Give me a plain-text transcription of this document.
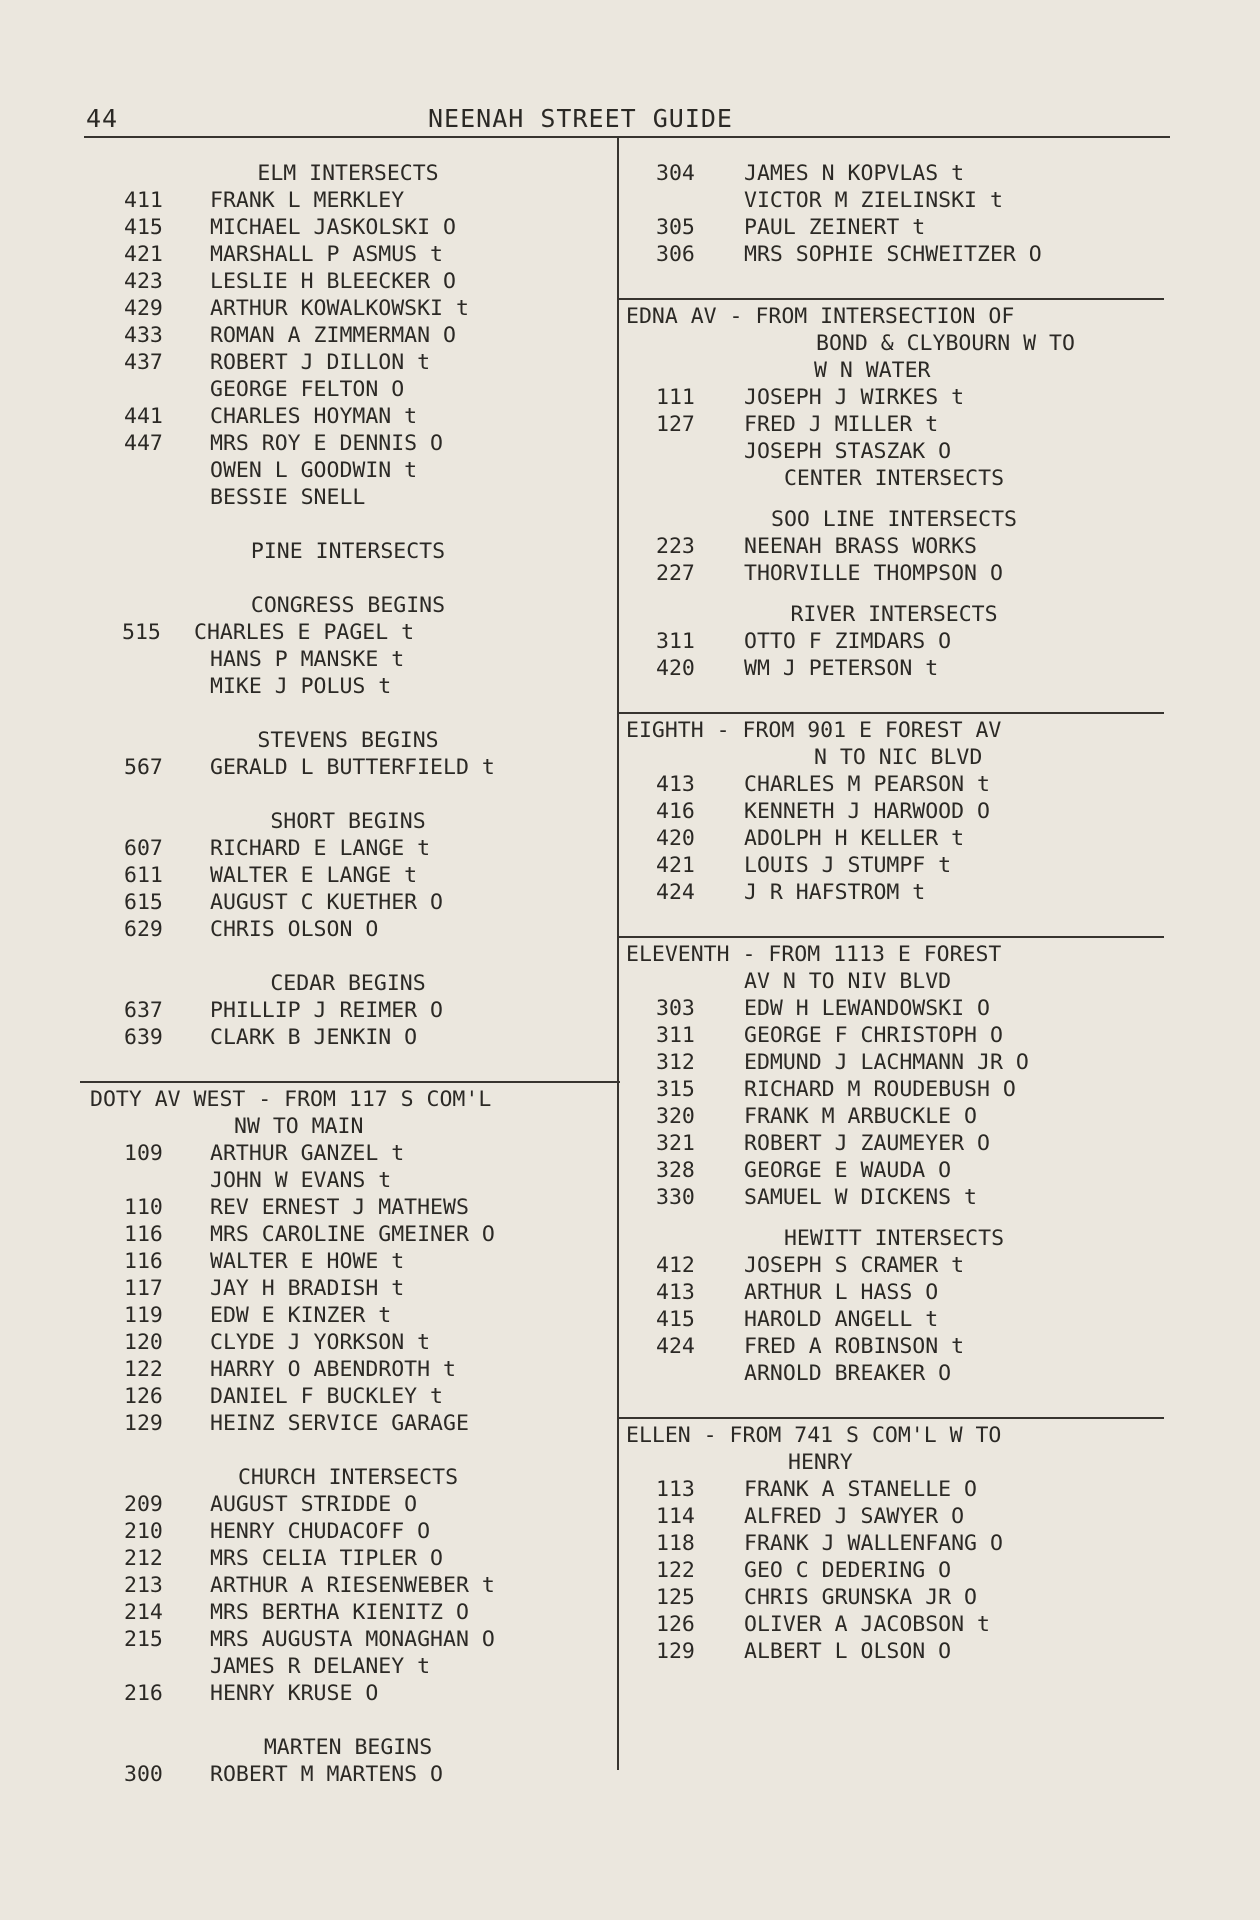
44	NEENAH STREET GUIDE
ELM INTERSECTS
411 FRANK L MERKLEY
415 MICHAEL JASKOLSKI O
421 MARSHALL P ASMUS t
423 LESLIE H BLEECKER O
429 ARTHUR KOWALKOWSKI t
433 ROMAN A ZIMMERMAN O
437 ROBERT J DILLON t
GEORGE FELTON O
441 CHARLES HOYMAN t
447 MRS ROY E DENNIS O
OWEN L GOODWIN t
BESSIE SNELL
PINE INTERSECTS
CONGRESS BEGINS
515 CHARLES E PAGEL t
HANS P MANSKE t
MIKE J POLUS t
STEVENS BEGINS
567 GERALD L BUTTERFIELD t
SHORT BEGINS
607 RICHARD E LANGE t
611 WALTER E LANGE t
615 AUGUST C KUETHER O
629 CHRIS OLSON O
CEDAR BEGINS
637 PHILLIP J REIMER O
639 CLARK B JENKIN O
DOTY AV WEST - FROM 117 S COM'L
NW TO MAIN
109 ARTHUR GANZEL t
JOHN W EVANS t
110 REV ERNEST J MATHEWS
116 MRS CAROLINE GMEINER O
116 WALTER E HOWE t
117 JAY H BRADISH t
119 EDW E KINZER t
120 CLYDE J YORKSON t
122 HARRY O ABENDROTH t
126 DANIEL F BUCKLEY t
129 HEINZ SERVICE GARAGE
CHURCH INTERSECTS
209 AUGUST STRIDDE O
210 HENRY CHUDACOFF O
212 MRS CELIA TIPLER O
213 ARTHUR A RIESENWEBER t
214 MRS BERTHA KIENITZ O
215 MRS AUGUSTA MONAGHAN O
JAMES R DELANEY t
216 HENRY KRUSE O
MARTEN BEGINS
300 ROBERT M MARTENS O
304 JAMES N KOPVLAS t
VICTOR M ZIELINSKI t
305 PAUL ZEINERT t
306 MRS SOPHIE SCHWEITZER O
EDNA AV - FROM INTERSECTION OF
BOND & CLYBOURN W TO
W N WATER
111 JOSEPH J WIRKES t
127 FRED J MILLER t
JOSEPH STASZAK O
CENTER INTERSECTS
SOO LINE INTERSECTS
223 NEENAH BRASS WORKS
227 THORVILLE THOMPSON O
RIVER INTERSECTS
311 OTTO F ZIMDARS O
420 WM J PETERSON t
EIGHTH - FROM 901 E FOREST AV
N TO NIC BLVD
413 CHARLES M PEARSON t
416 KENNETH J HARWOOD O
420 ADOLPH H KELLER t
421 LOUIS J STUMPF t
424 J R HAFSTROM t
ELEVENTH - FROM 1113 E FOREST
AV N TO NIV BLVD
303 EDW H LEWANDOWSKI O
311 GEORGE F CHRISTOPH O
312 EDMUND J LACHMANN JR O
315 RICHARD M ROUDEBUSH O
320 FRANK M ARBUCKLE O
321 ROBERT J ZAUMEYER O
328 GEORGE E WAUDA O
330 SAMUEL W DICKENS t
HEWITT INTERSECTS
412 JOSEPH S CRAMER t
413 ARTHUR L HASS O
415 HAROLD ANGELL t
424 FRED A ROBINSON t
ARNOLD BREAKER O
ELLEN - FROM 741 S COM'L W TO
HENRY
113 FRANK A STANELLE O
114 ALFRED J SAWYER O
118 FRANK J WALLENFANG O
122 GEO C DEDERING O
125 CHRIS GRUNSKA JR O
126 OLIVER A JACOBSON t
129 ALBERT L OLSON O
